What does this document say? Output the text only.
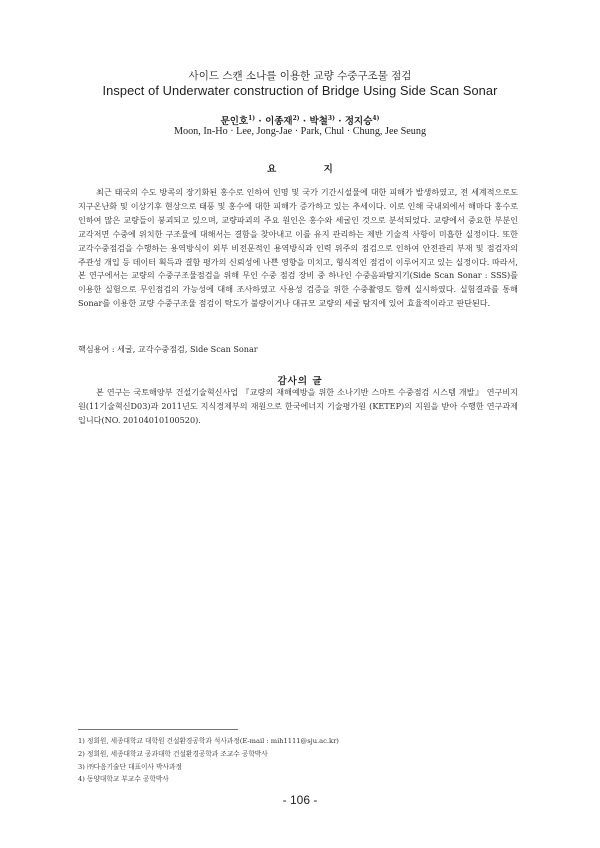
사이드 스캔 소나를 이용한 교량 수중구조물 점검
Inspect of Underwater construction of Bridge Using Side Scan Sonar
문인호$^{1)}$ · 이종재$^{2)}$ · 박철$^{3)}$ · 정지승$^{4)}$
Moon, In-Ho · Lee, Jong-Jae · Park, Chul · Chung, Jee Seung
요 지

최근 태국의 수도 방콕의 장기화된 홍수로 인하여 인명 및 국가 기간시설물에 대한 피해가 발생하였고, 전 세계적으로도 지구온난화 및 이상기후 현상으로 태풍 및 홍수에 대한 피해가 증가하고 있는 추세이다. 이로 인해 국내외에서 해마다 홍수로 인하여 많은 교량들이 붕괴되고 있으며, 교량파괴의 주요 원인은 홍수와 세굴인 것으로 분석되었다. 교량에서 중요한 부분인 교각저면 수중에 위치한 구조물에 대해서는 결함을 찾아내고 이를 유지 관리하는 제반 기술적 사항이 미흡한 실정이다. 또한 교각수중점검을 수행하는 용역방식이 외부 비전문적인 용역방식과 인력 위주의 점검으로 인하여 안전관리 부재 및 점검자의 주관성 개입 등 데이터 획득과 결함 평가의 신뢰성에 나쁜 영향을 미치고, 형식적인 점검이 이루어지고 있는 실정이다. 따라서, 본 연구에서는 교량의 수중구조물점검을 위해 무인 수중 점검 장비 중 하나인 수중음파탐지기(Side Scan Sonar : SSS)를 이용한 실험으로 무인점검의 가능성에 대해 조사하였고 사용성 검증을 위한 수중촬영도 함께 실시하였다. 실험결과를 통해 Sonar를 이용한 교량 수중구조물 점검이 탁도가 불량이거나 대규모 교량의 세굴 탐지에 있어 효율적이라고 판단된다.

핵심용어 : 세굴, 교각수중점검, Side Scan Sonar
감사의 글

본 연구는 국토해양부 건설기술혁신사업 『교량의 재해예방을 위한 소나기반 스마트 수중점검 시스템 개발』 연구비지원(11기술혁신D03)과 2011년도 지식경제부의 재원으로 한국에너지 기술평가원 (KETEP)의 지원을 받아 수행한 연구과제입니다(NO. 20104010100520).

1) 정회원, 세종대학교 대학원 건설환경공학과 석사과정(E-mail : mih1111@sju.ac.kr)
2) 정회원, 세종대학교 공과대학 건설환경공학과 조교수 공학박사
3) ㈜다음기술단 대표이사 박사과정
4) 동양대학교 부교수 공학박사
- 106 -
